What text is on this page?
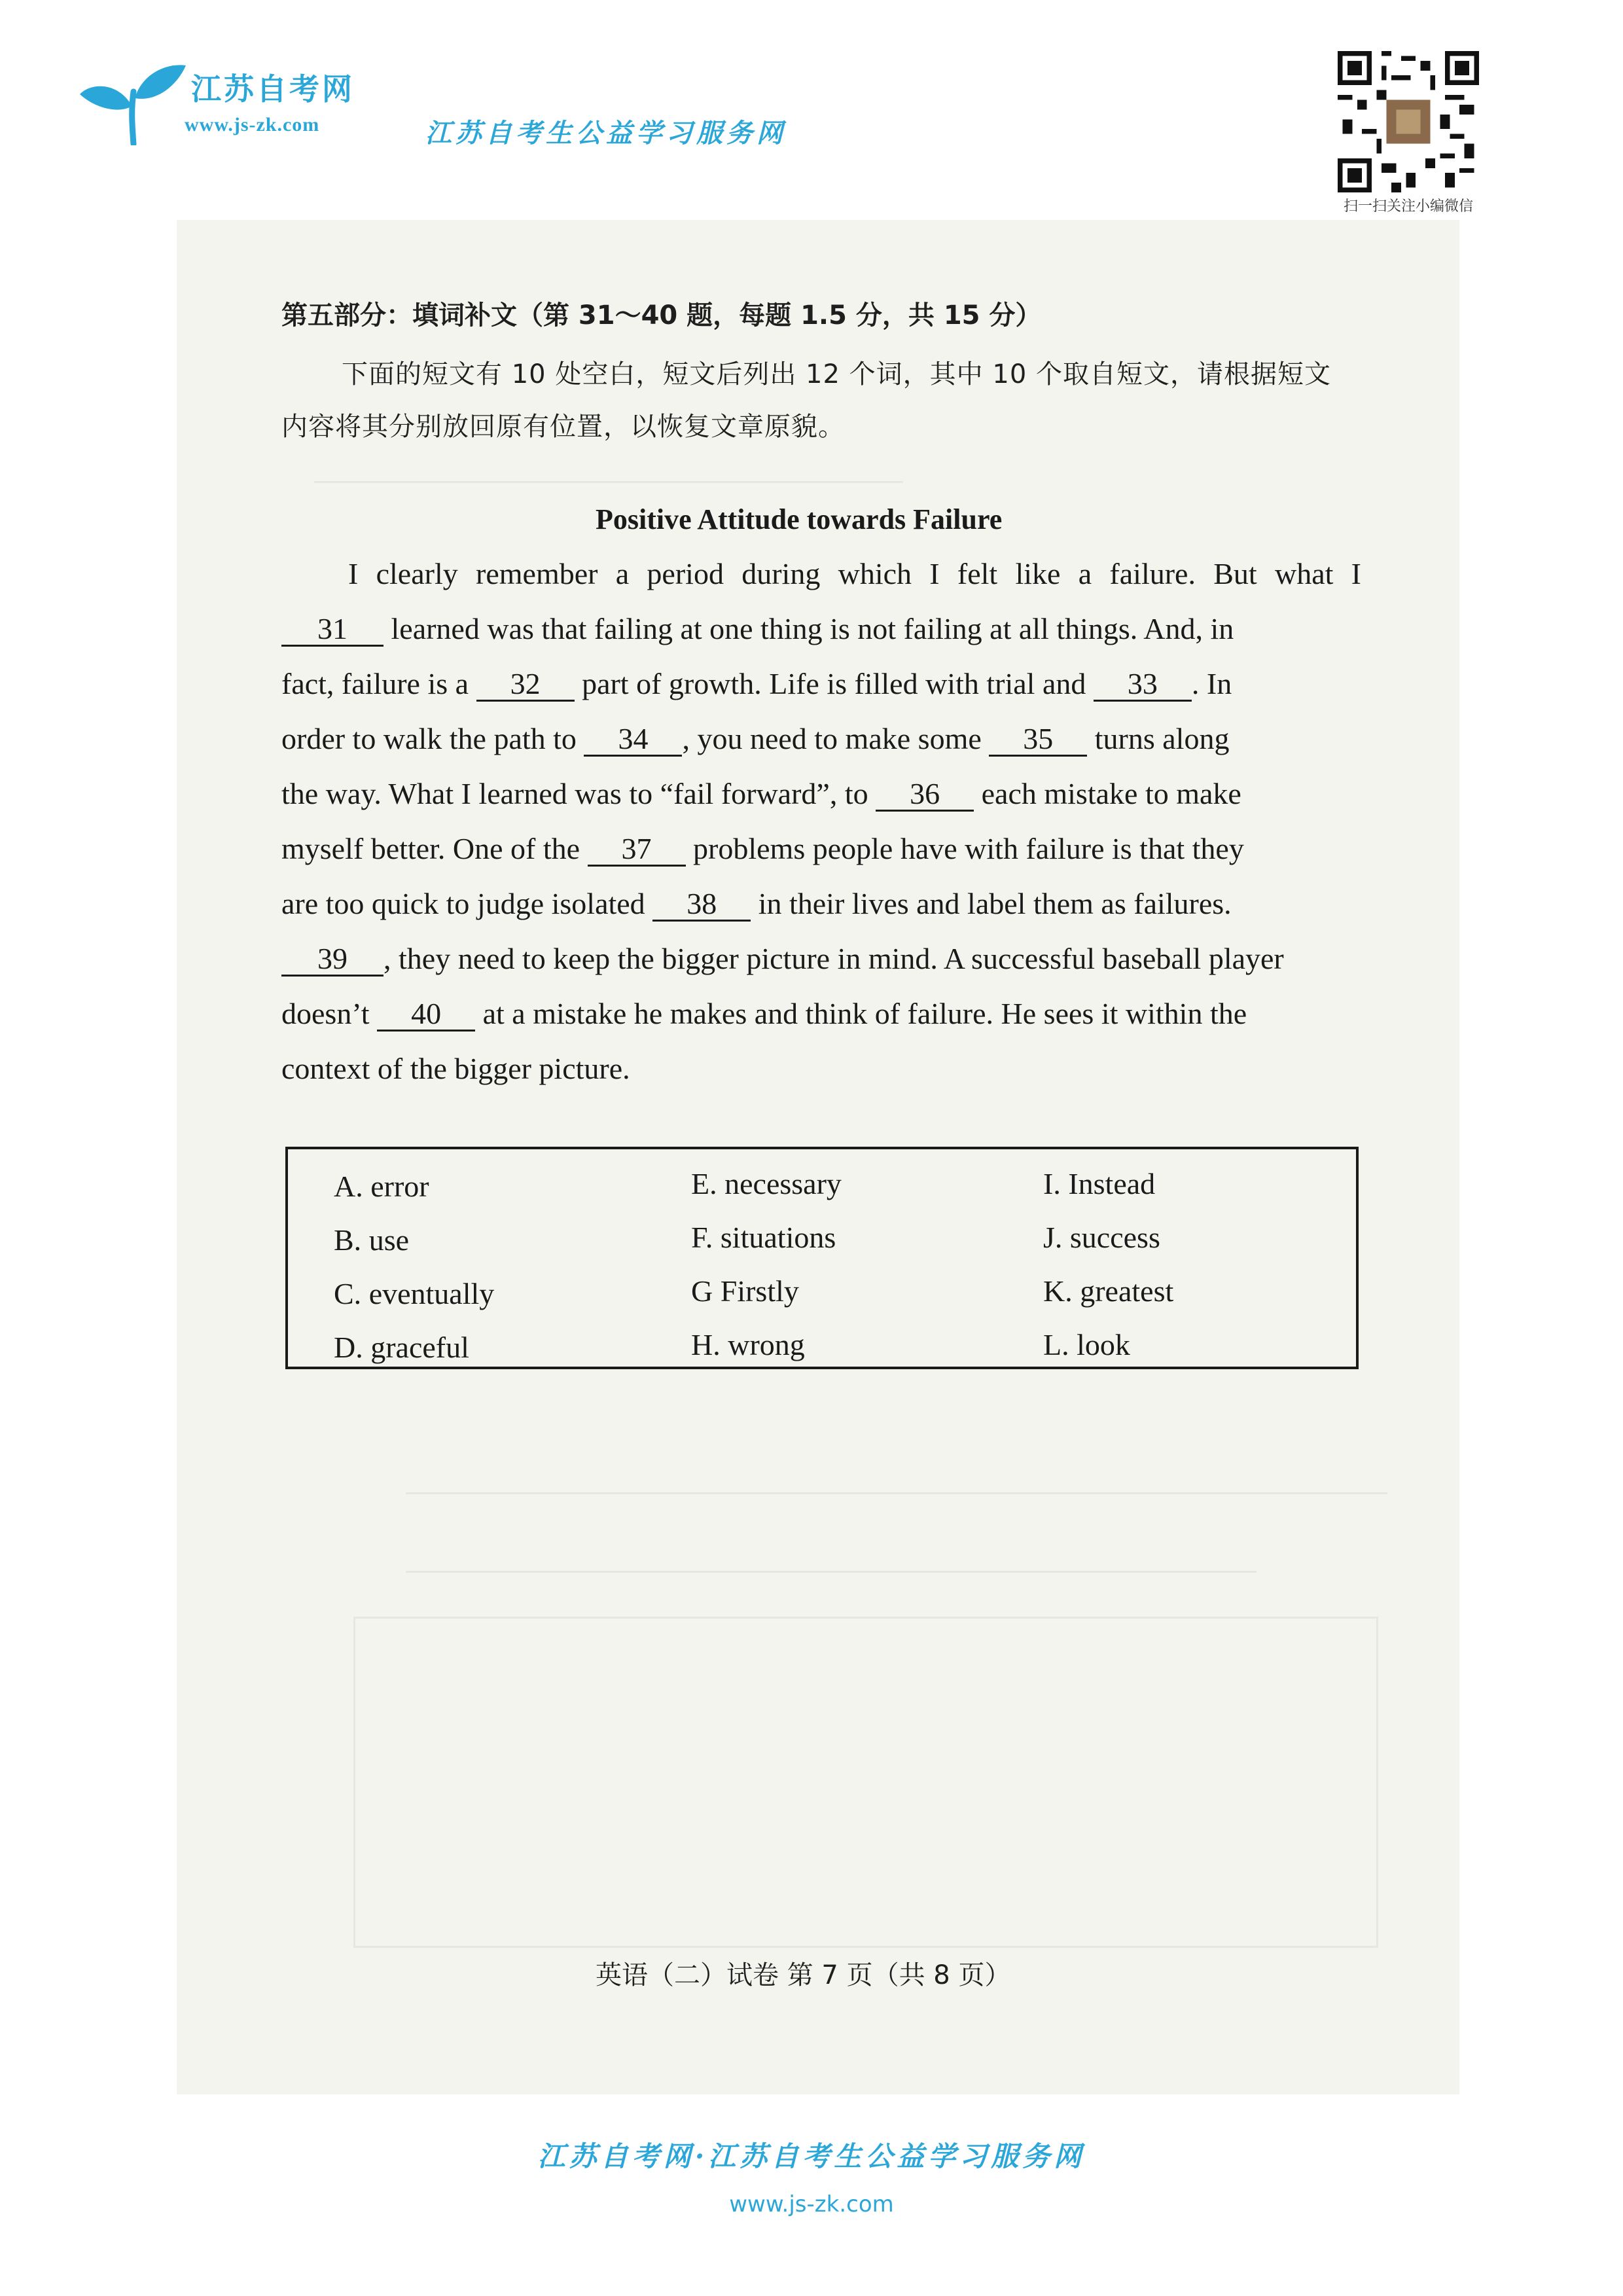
江苏自考网
www.js-zk.com	江苏自考生公益学习服务网
扫一扫关注小编微信
第五部分：填词补文（第 31～40 题，每题 1.5 分，共 15 分）
下面的短文有 10 处空白，短文后列出 12 个词，其中 10 个取自短文，请根据短文
内容将其分别放回原有位置，以恢复文章原貌。
Positive Attitude towards Failure
I clearly remember a period during which I felt like a failure. But what I
31 learned was that failing at one thing is not failing at all things. And, in
fact, failure is a 32 part of growth. Life is filled with trial and 33 . In
order to walk the path to 34 , you need to make some 35 turns along
the way. What I learned was to “fail forward”, to 36 each mistake to make
myself better. One of the 37 problems people have with failure is that they
are too quick to judge isolated 38 in their lives and label them as failures.
39 , they need to keep the bigger picture in mind. A successful baseball player
doesn’t 40 at a mistake he makes and think of failure. He sees it within the
context of the bigger picture.
A. error
B. use
C. eventually
D. graceful
E. necessary
F. situations
G Firstly
H. wrong
I. Instead
J. success
K. greatest
L. look
英语（二）试卷 第 7 页（共 8 页）
江苏自考网·江苏自考生公益学习服务网
www.js-zk.com
